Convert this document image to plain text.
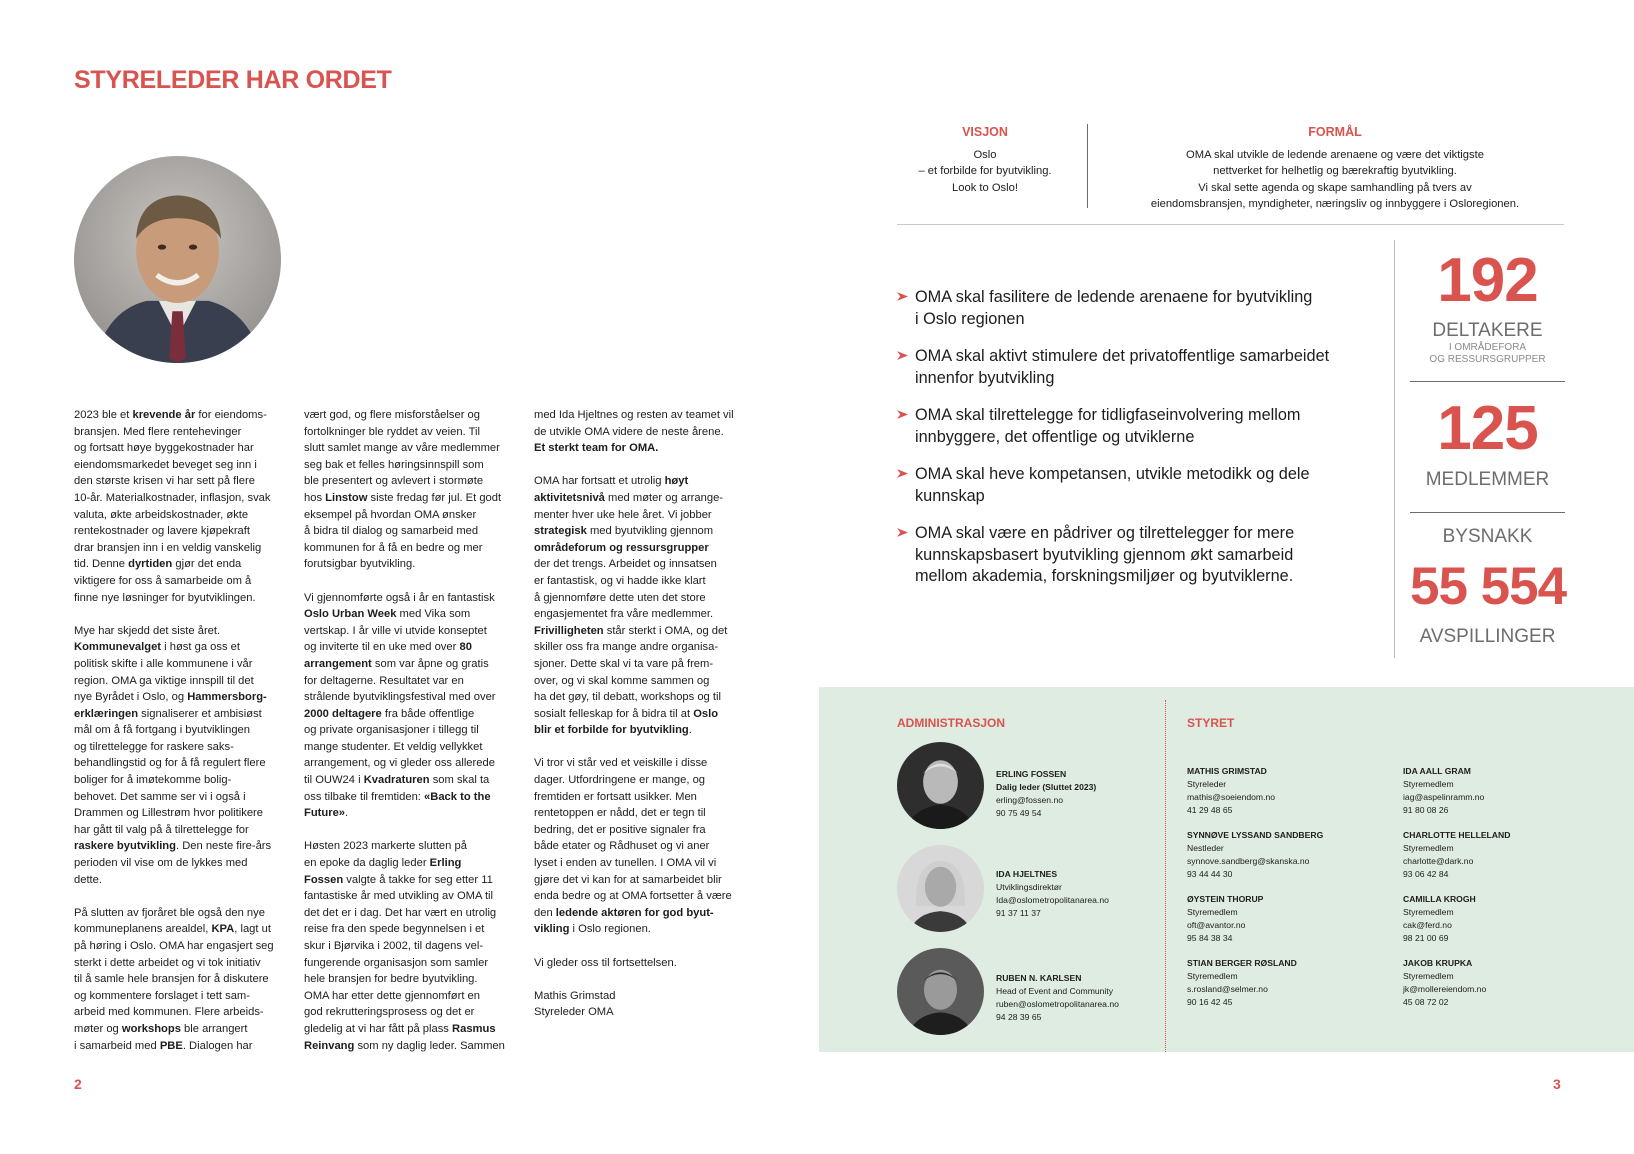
STYRELEDER HAR ORDET

2023 ble et krevende år for eiendoms-
bransjen. Med flere rentehevinger
og fortsatt høye byggekostnader har
eiendomsmarkedet beveget seg inn i
den største krisen vi har sett på flere
10-år. Materialkostnader, inflasjon, svak
valuta, økte arbeidskostnader, økte
rentekostnader og lavere kjøpekraft
drar bransjen inn i en veldig vanskelig
tid. Denne dyrtiden gjør det enda
viktigere for oss å samarbeide om å
finne nye løsninger for byutviklingen.

Mye har skjedd det siste året.
Kommunevalget i høst ga oss et
politisk skifte i alle kommunene i vår
region. OMA ga viktige innspill til det
nye Byrådet i Oslo, og Hammersborg-
erklæringen signaliserer et ambisiøst
mål om å få fortgang i byutviklingen
og tilrettelegge for raskere saks-
behandlingstid og for å få regulert flere
boliger for å imøtekomme bolig-
behovet. Det samme ser vi i også i
Drammen og Lillestrøm hvor politikere
har gått til valg på å tilrettelegge for
raskere byutvikling. Den neste fire-års
perioden vil vise om de lykkes med
dette.

På slutten av fjoråret ble også den nye
kommuneplanens arealdel, KPA, lagt ut
på høring i Oslo. OMA har engasjert seg
sterkt i dette arbeidet og vi tok initiativ
til å samle hele bransjen for å diskutere
og kommentere forslaget i tett sam-
arbeid med kommunen. Flere arbeids-
møter og workshops ble arrangert
i samarbeid med PBE. Dialogen har

vært god, og flere misforståelser og
fortolkninger ble ryddet av veien. Til
slutt samlet mange av våre medlemmer
seg bak et felles høringsinnspill som
ble presentert og avlevert i stormøte
hos Linstow siste fredag før jul. Et godt
eksempel på hvordan OMA ønsker
å bidra til dialog og samarbeid med
kommunen for å få en bedre og mer
forutsigbar byutvikling.

Vi gjennomførte også i år en fantastisk
Oslo Urban Week med Vika som
vertskap. I år ville vi utvide konseptet
og inviterte til en uke med over 80
arrangement som var åpne og gratis
for deltagerne. Resultatet var en
strålende byutviklingsfestival med over
2000 deltagere fra både offentlige
og private organisasjoner i tillegg til
mange studenter. Et veldig vellykket
arrangement, og vi gleder oss allerede
til OUW24 i Kvadraturen som skal ta
oss tilbake til fremtiden: «Back to the
Future».

Høsten 2023 markerte slutten på
en epoke da daglig leder Erling
Fossen valgte å takke for seg etter 11
fantastiske år med utvikling av OMA til
det det er i dag. Det har vært en utrolig
reise fra den spede begynnelsen i et
skur i Bjørvika i 2002, til dagens vel-
fungerende organisasjon som samler
hele bransjen for bedre byutvikling.
OMA har etter dette gjennomført en
god rekrutteringsprosess og det er
gledelig at vi har fått på plass Rasmus
Reinvang som ny daglig leder. Sammen

med Ida Hjeltnes og resten av teamet vil
de utvikle OMA videre de neste årene.
Et sterkt team for OMA.

OMA har fortsatt et utrolig høyt
aktivitetsnivå med møter og arrange-
menter hver uke hele året. Vi jobber
strategisk med byutvikling gjennom
områdeforum og ressursgrupper
der det trengs. Arbeidet og innsatsen
er fantastisk, og vi hadde ikke klart
å gjennomføre dette uten det store
engasjementet fra våre medlemmer.
Frivilligheten står sterkt i OMA, og det
skiller oss fra mange andre organisa-
sjoner. Dette skal vi ta vare på frem-
over, og vi skal komme sammen og
ha det gøy, til debatt, workshops og til
sosialt felleskap for å bidra til at Oslo
blir et forbilde for byutvikling.

Vi tror vi står ved et veiskille i disse
dager. Utfordringene er mange, og
fremtiden er fortsatt usikker. Men
rentetoppen er nådd, det er tegn til
bedring, det er positive signaler fra
både etater og Rådhuset og vi aner
lyset i enden av tunellen. I OMA vil vi
gjøre det vi kan for at samarbeidet blir
enda bedre og at OMA fortsetter å være
den ledende aktøren for god byut-
vikling i Oslo regionen.

Vi gleder oss til fortsettelsen.

Mathis Grimstad
Styreleder OMA

2
VISJON
Oslo
– et forbilde for byutvikling.
Look to Oslo!
FORMÅL
OMA skal utvikle de ledende arenaene og være det viktigste
nettverket for helhetlig og bærekraftig byutvikling.
Vi skal sette agenda og skape samhandling på tvers av
eiendomsbransjen, myndigheter, næringsliv og innbyggere i Osloregionen.
OMA skal fasilitere de ledende arenaene for byutvikling
i Oslo regionen
OMA skal aktivt stimulere det privatoffentlige samarbeidet
innenfor byutvikling
OMA skal tilrettelegge for tidligfaseinvolvering mellom
innbyggere, det offentlige og utviklerne
OMA skal heve kompetansen, utvikle metodikk og dele
kunnskap
OMA skal være en pådriver og tilrettelegger for mere
kunnskapsbasert byutvikling gjennom økt samarbeid
mellom akademia, forskningsmiljøer og byutviklerne.
192
DELTAKERE
I OMRÅDEFORA
OG RESSURSGRUPPER
125
MEDLEMMER
BYSNAKK
55 554
AVSPILLINGER
ADMINISTRASJON	STYRET
ERLING FOSSEN
Dalig leder (Sluttet 2023)
erling@fossen.no
90 75 49 54
IDA HJELTNES
Utviklingsdirektør
Ida@oslometropolitanarea.no
91 37 11 37
RUBEN N. KARLSEN
Head of Event and Community
ruben@oslometropolitanarea.no
94 28 39 65
MATHIS GRIMSTAD
Styreleder
mathis@soeiendom.no
41 29 48 65
SYNNØVE LYSSAND SANDBERG
Nestleder
synnove.sandberg@skanska.no
93 44 44 30
ØYSTEIN THORUP
Styremedlem
oft@avantor.no
95 84 38 34
STIAN BERGER RØSLAND
Styremedlem
s.rosland@selmer.no
90 16 42 45
IDA AALL GRAM
Styremedlem
iag@aspelinramm.no
91 80 08 26
CHARLOTTE HELLELAND
Styremedlem
charlotte@dark.no
93 06 42 84
CAMILLA KROGH
Styremedlem
cak@ferd.no
98 21 00 69
JAKOB KRUPKA
Styremedlem
jk@mollereiendom.no
45 08 72 02
3
